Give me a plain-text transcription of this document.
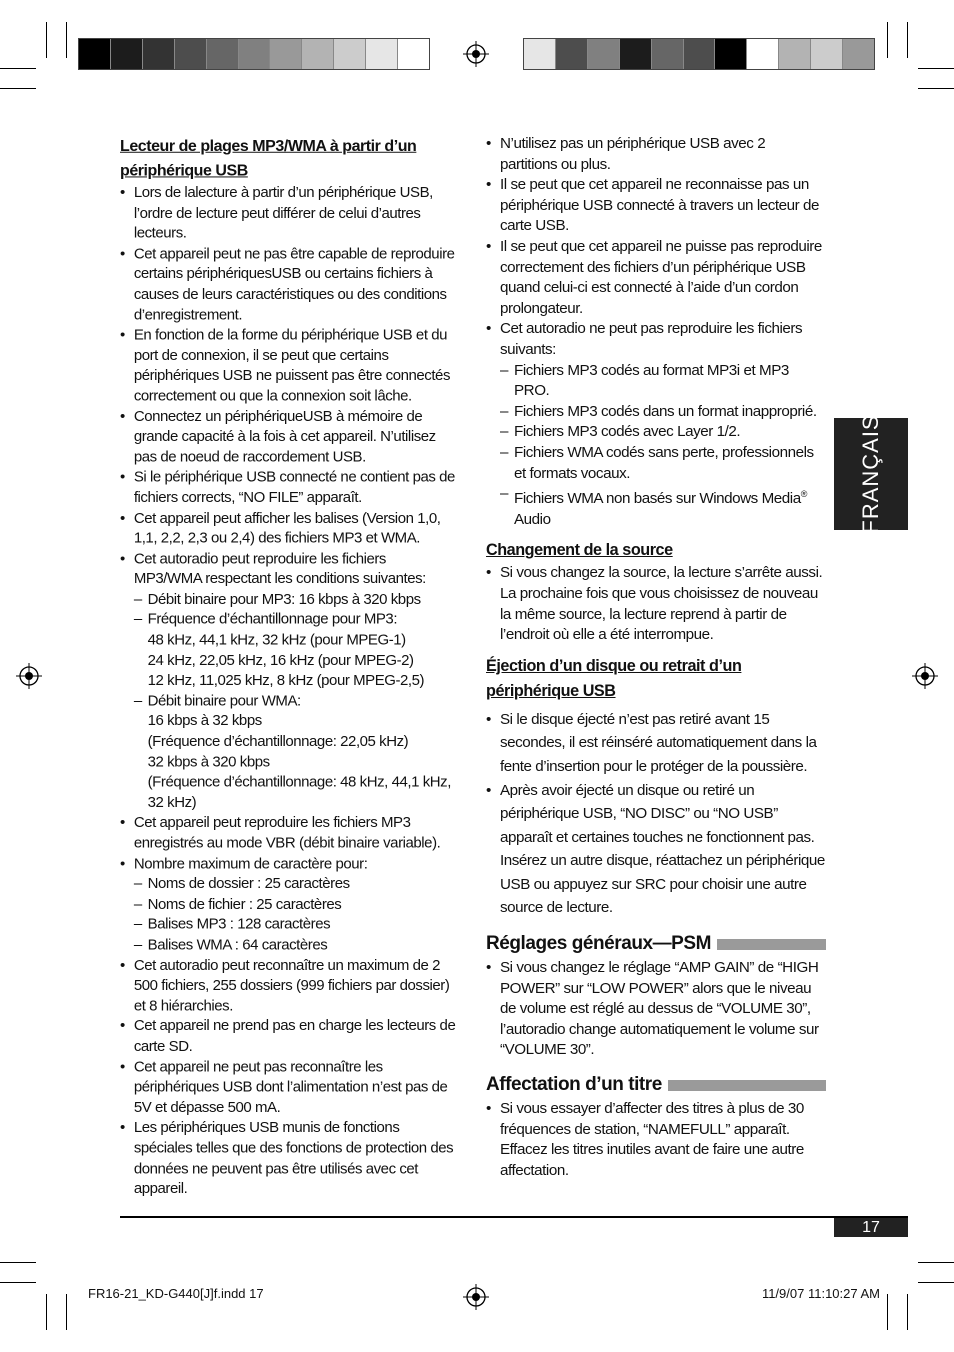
Lecteur de plages MP3/WMA à partir d’un périphérique USB

• Lors de lalecture à partir d’un périphérique USB, l’ordre de lecture peut différer de celui d’autres lecteurs.
• Cet appareil peut ne pas être capable de reproduire certains périphériquesUSB ou certains fichiers à causes de leurs caractéristiques ou des conditions d’enregistrement.
• En fonction de la forme du périphérique USB et du port de connexion, il se peut que certains périphériques USB ne puissent pas être connectés correctement ou que la connexion soit lâche.
• Connectez un périphériqueUSB à mémoire de grande capacité à la fois à cet appareil. N’utilisez pas de noeud de raccordement USB.
• Si le périphérique USB connecté ne contient pas de fichiers corrects, “NO FILE” apparaît.
• Cet appareil peut afficher les balises (Version 1,0, 1,1, 2,2, 2,3 ou 2,4) des fichiers MP3 et WMA.
• Cet autoradio peut reproduire les fichiers MP3/WMA respectant les conditions suivantes:
– Débit binaire pour MP3: 16 kbps à 320 kbps
– Fréquence d’échantillonnage pour MP3:
48 kHz, 44,1 kHz, 32 kHz (pour MPEG-1)
24 kHz, 22,05 kHz, 16 kHz (pour MPEG-2)
12 kHz, 11,025 kHz, 8 kHz (pour MPEG-2,5)
– Débit binaire pour WMA:
16 kbps à 32 kbps
(Fréquence d’échantillonnage: 22,05 kHz)
32 kbps à 320 kbps
(Fréquence d’échantillonnage: 48 kHz, 44,1 kHz, 32 kHz)
• Cet appareil peut reproduire les fichiers MP3 enregistrés au mode VBR (débit binaire variable).
• Nombre maximum de caractère pour:
– Noms de dossier : 25 caractères
– Noms de fichier : 25 caractères
– Balises MP3 : 128 caractères
– Balises WMA : 64 caractères
• Cet autoradio peut reconnaître un maximum de 2 500 fichiers, 255 dossiers (999 fichiers par dossier) et 8 hiérarchies.
• Cet appareil ne prend pas en charge les lecteurs de carte SD.
• Cet appareil ne peut pas reconnaître les périphériques USB dont l’alimentation n’est pas de 5V et dépasse 500 mA.
• Les périphériques USB munis de fonctions spéciales telles que des fonctions de protection des données ne peuvent pas être utilisés avec cet appareil.
• N’utilisez pas un périphérique USB avec 2 partitions ou plus.
• Il se peut que cet appareil ne reconnaisse pas un périphérique USB connecté à travers un lecteur de carte USB.
• Il se peut que cet appareil ne puisse pas reproduire correctement des fichiers d’un périphérique USB quand celui-ci est connecté à l’aide d’un cordon prolongateur.
• Cet autoradio ne peut pas reproduire les fichiers suivants:
– Fichiers MP3 codés au format MP3i et MP3 PRO.
– Fichiers MP3 codés dans un format inapproprié.
– Fichiers MP3 codés avec Layer 1/2.
– Fichiers WMA codés sans perte, professionnels et formats vocaux.
– Fichiers WMA non basés sur Windows Media® Audio

Changement de la source

• Si vous changez la source, la lecture s’arrête aussi. La prochaine fois que vous choisissez de nouveau la même source, la lecture reprend à partir de l’endroit où elle a été interrompue.

Éjection d’un disque ou retrait d’un périphérique USB

• Si le disque éjecté n’est pas retiré avant 15 secondes, il est réinséré automatiquement dans la fente d’insertion pour le protéger de la poussière.
• Après avoir éjecté un disque ou retiré un périphérique USB, “NO DISC” ou “NO USB” apparaît et certaines touches ne fonctionnent pas. Insérez un autre disque, réattachez un périphérique USB ou appuyez sur SRC pour choisir une autre source de lecture.
Réglages généraux—PSM
• Si vous changez le réglage “AMP GAIN” de “HIGH POWER” sur “LOW POWER” alors que le niveau de volume est réglé au dessus de “VOLUME 30”, l’autoradio change automatiquement le volume sur “VOLUME 30”.
Affectation d’un titre
• Si vous essayer d’affecter des titres à plus de 30 fréquences de station, “NAMEFULL” apparaît. Effacez les titres inutiles avant de faire une autre affectation.
FRANÇAIS
17
FR16-21_KD-G440[J]f.indd 17	11/9/07 11:10:27 AM
